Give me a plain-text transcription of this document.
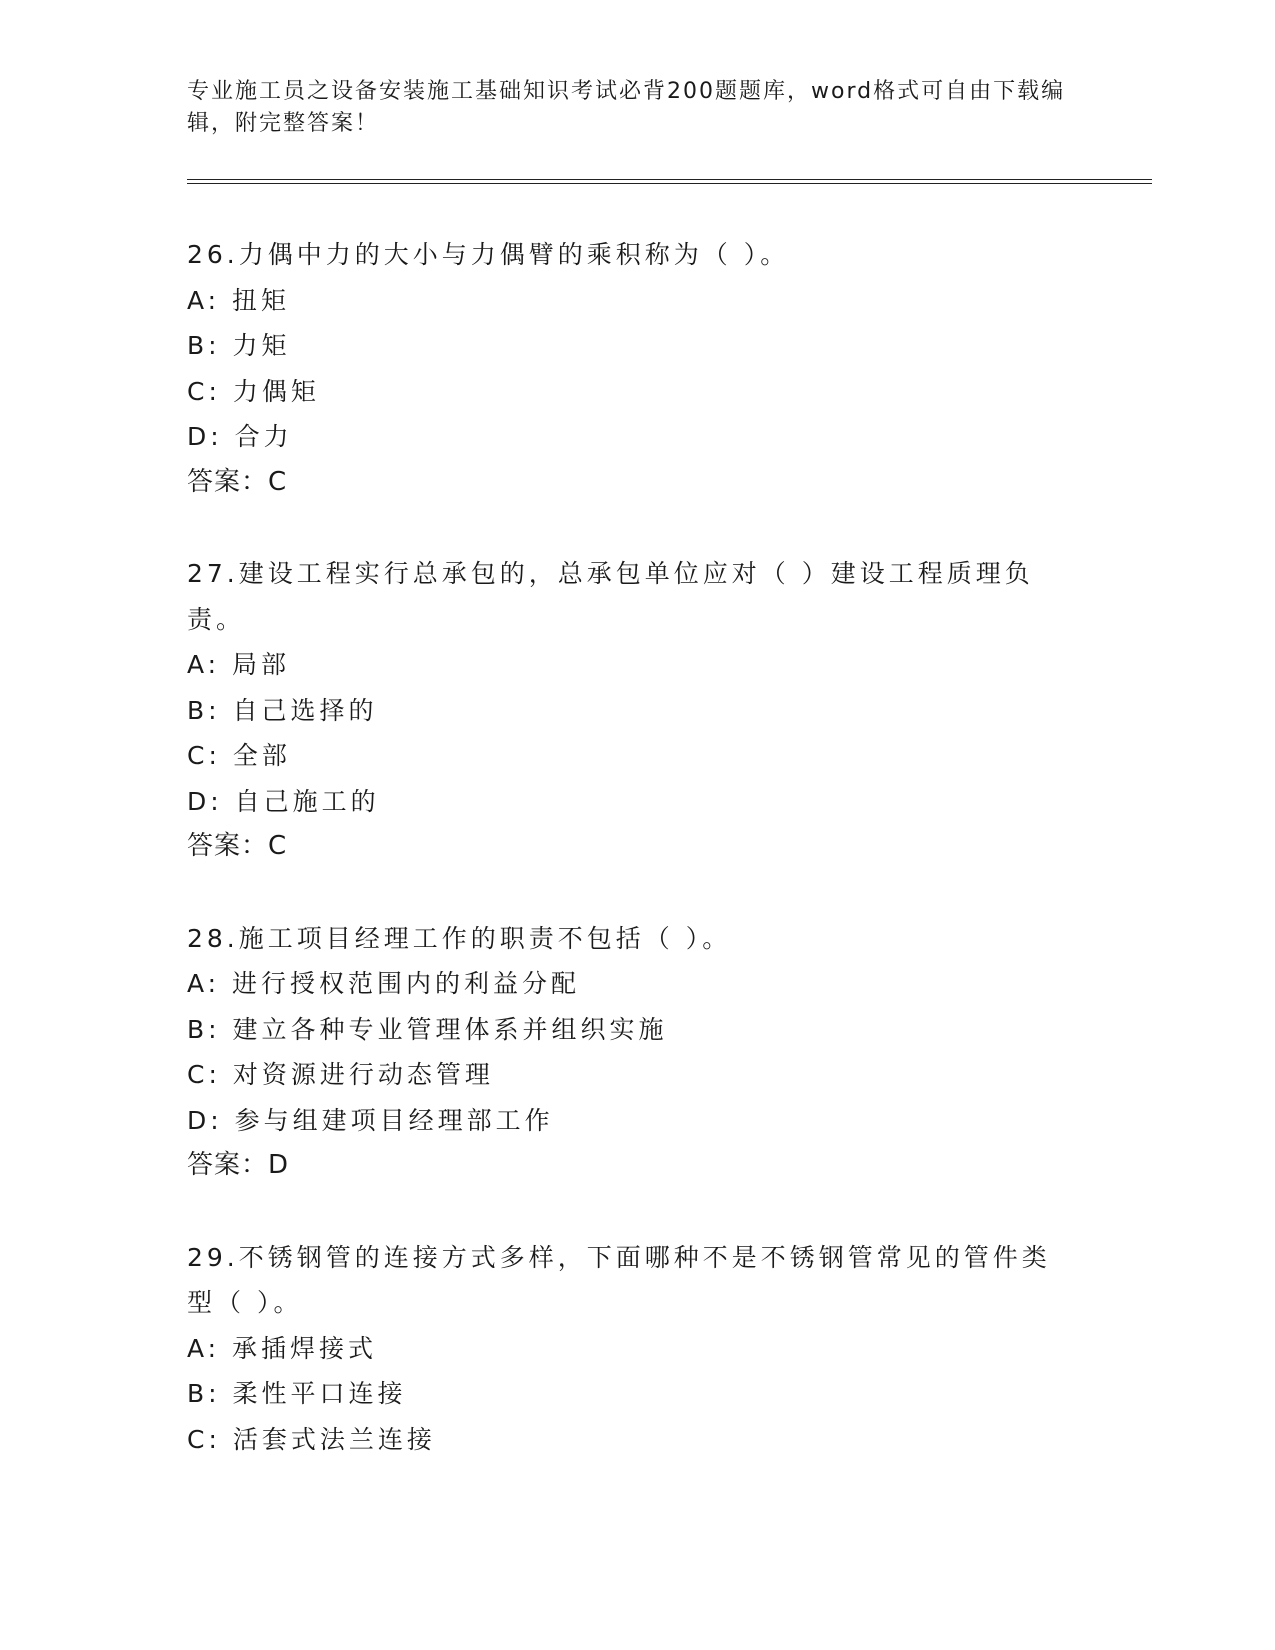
专业施工员之设备安装施工基础知识考试必背200题题库，word格式可自由下载编辑，附完整答案！
26.力偶中力的大小与力偶臂的乘积称为（ ）。
A: 扭矩
B: 力矩
C: 力偶矩
D: 合力
答案：C
27.建设工程实行总承包的，总承包单位应对（ ）建设工程质理负责。
A: 局部
B: 自己选择的
C: 全部
D: 自己施工的
答案：C
28.施工项目经理工作的职责不包括（ ）。
A: 进行授权范围内的利益分配
B: 建立各种专业管理体系并组织实施
C: 对资源进行动态管理
D: 参与组建项目经理部工作
答案：D
29.不锈钢管的连接方式多样，下面哪种不是不锈钢管常见的管件类型（ ）。
A: 承插焊接式
B: 柔性平口连接
C: 活套式法兰连接
